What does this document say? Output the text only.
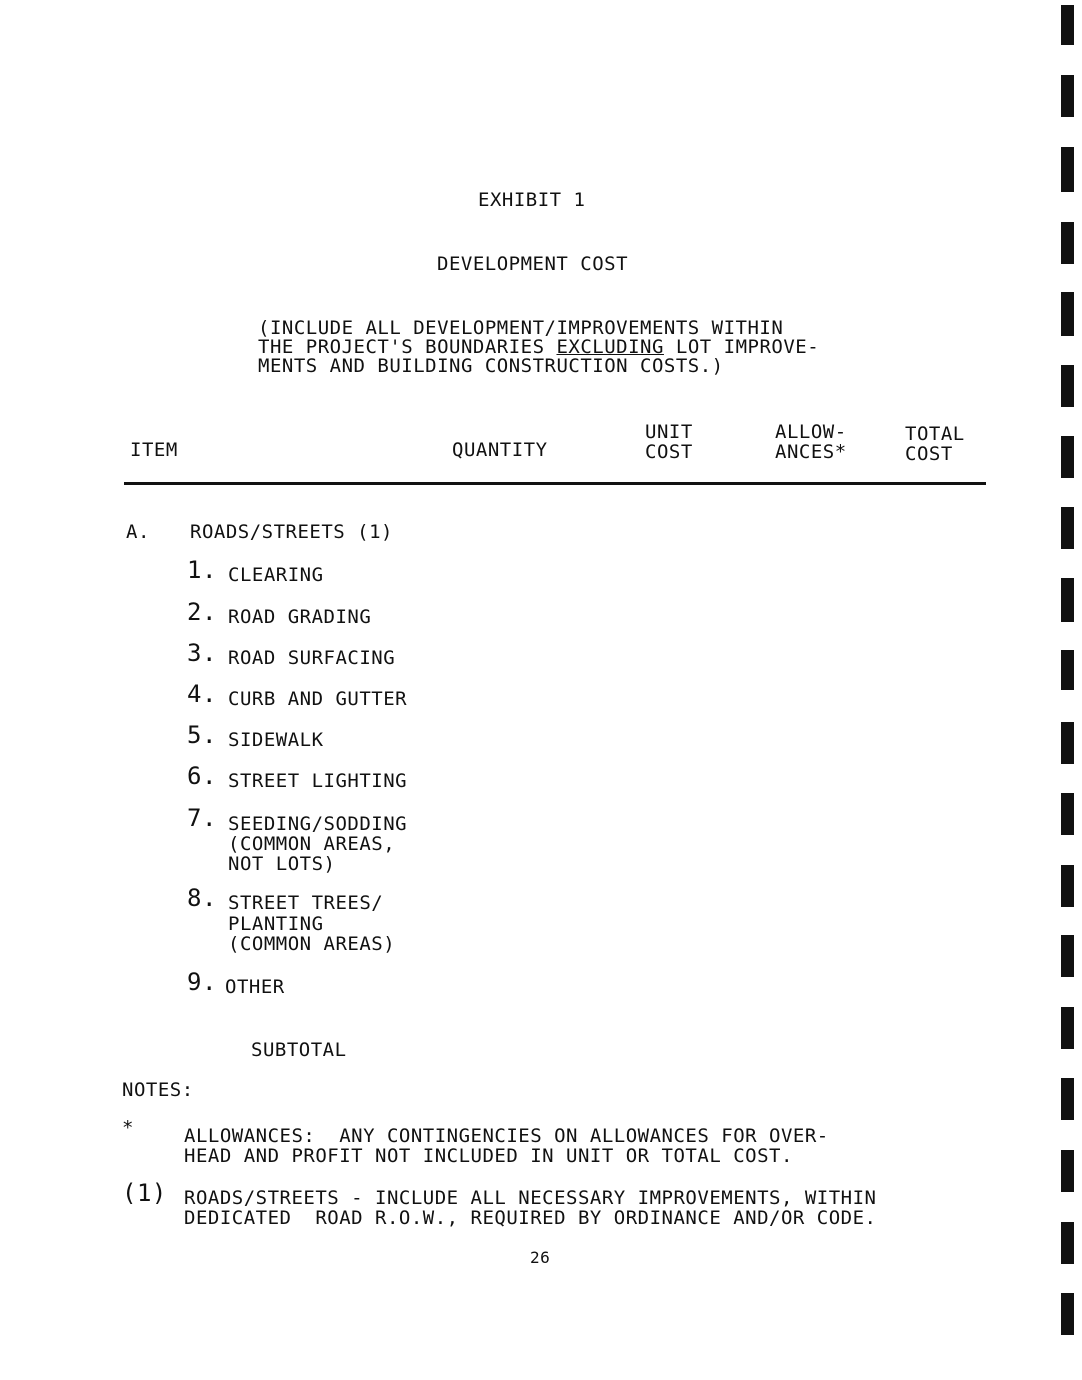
EXHIBIT 1
DEVELOPMENT COST
(INCLUDE ALL DEVELOPMENT/IMPROVEMENTS WITHIN
THE PROJECT'S BOUNDARIES EXCLUDING LOT IMPROVE-
MENTS AND BUILDING CONSTRUCTION COSTS.)
ITEM	QUANTITY
UNIT
COST
ALLOW-
ANCES*
TOTAL
COST
A. ROADS/STREETS (1)
1. CLEARING
2. ROAD GRADING
3. ROAD SURFACING
4. CURB AND GUTTER
5. SIDEWALK
6. STREET LIGHTING
7. SEEDING/SODDING
(COMMON AREAS,
NOT LOTS)
8. STREET TREES/
PLANTING
(COMMON AREAS)
9. OTHER
SUBTOTAL
NOTES:
*	ALLOWANCES:  ANY CONTINGENCIES ON ALLOWANCES FOR OVER-
HEAD AND PROFIT NOT INCLUDED IN UNIT OR TOTAL COST.
(1) ROADS/STREETS - INCLUDE ALL NECESSARY IMPROVEMENTS, WITHIN
DEDICATED  ROAD R.O.W., REQUIRED BY ORDINANCE AND/OR CODE.
26
